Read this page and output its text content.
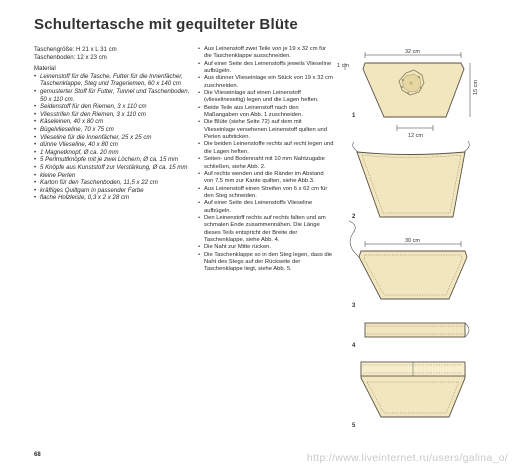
Schultertasche mit gequilteter Blüte

Taschengröße: H 21 x L 31 cm

Taschenboden: 12 x 23 cm

Material

• Leinenstoff für die Tasche, Futter für die Innenfächer, Taschenklappe, Steg und Trageriemen, 60 x 140 cm
• gemusterter Stoff für Futter, Tunnel und Taschenboden, 50 x 110 cm.
• Seidenstoff für den Riemen, 3 x 110 cm
• Vliesstrifen für den Riemen, 3 x 110 cm
• Käseleinen, 40 x 80 cm
• Bügelvlieseline, 70 x 75 cm
• Vlieseline für die Innenfächer, 25 x 25 cm
• dünne Vlieseline, 40 x 80 cm
• 1 Magnetknopf, Ø ca. 20 mm
• 5 Perlmuttknöpfe mit je zwei Löchern, Ø ca. 15 mm
• 5 Knöpfe aus Kunststoff zur Verstärkung, Ø ca. 15 mm
• kleine Perlen
• Karton für den Taschenboden, 11,5 x 22 cm
• kräftiges Quiltgarn in passender Farbe
• flache Holzleiste, 0,3 x 2 x 28 cm
• Aus Leinenstoff zwei Teile von je 19 x 32 cm für die Taschenklappe ausschneiden.
• Auf einer Seite des Leinenstoffs jeweils Vlieseline aufbügeln.
• Aus dünner Vlieseinlage ein Stück von 19 x 32 cm zuschneiden.
• Die Vlieseinlage auf einen Leinenstoff (vlieselineseitig) legen und die Lagen heften.
• Beide Teile aus Leinenstoff nach den Maßangaben von Abb. 1 zuschneiden.
• Die Blüte (siehe Seite 72) auf dem mit Vlieseinlage versehenen Leinenstoff quilten und Perlen aufsticken.
• Die beiden Leinenstoffe rechts auf recht legen und die Lagen heften.
• Seiten- und Bodennaht mit 10 mm Nahtzugabe schließen, siehe Abb. 2.
• Auf rechts wenden und die Ränder im Abstand von 7,5 mm zur Kante quilten, siehe Abb.3.
• Aus Leinenstoff einen Streifen von 6 x 62 cm für den Steg schneiden.
• Auf einer Seite des Leinenstoffs Vlieseline aufbügeln.
• Den Leinenstoff rechts auf rechts falten und am schmalen Ende zusammennähen. Die Länge dieses Teils entspricht der Breite der Taschenklappe, siehe Abb. 4.
• Die Naht zur Mitte rücken.
• Die Taschenklappe so in den Steg legen, dass die Naht des Stegs auf der Rückseite der Taschenklappe liegt, siehe Abb. 5.
32 cm
1 cm
15 cm
12 cm
1
2
30 cm
3
4
5
68	http://www.liveinternet.ru/users/galina_o/
